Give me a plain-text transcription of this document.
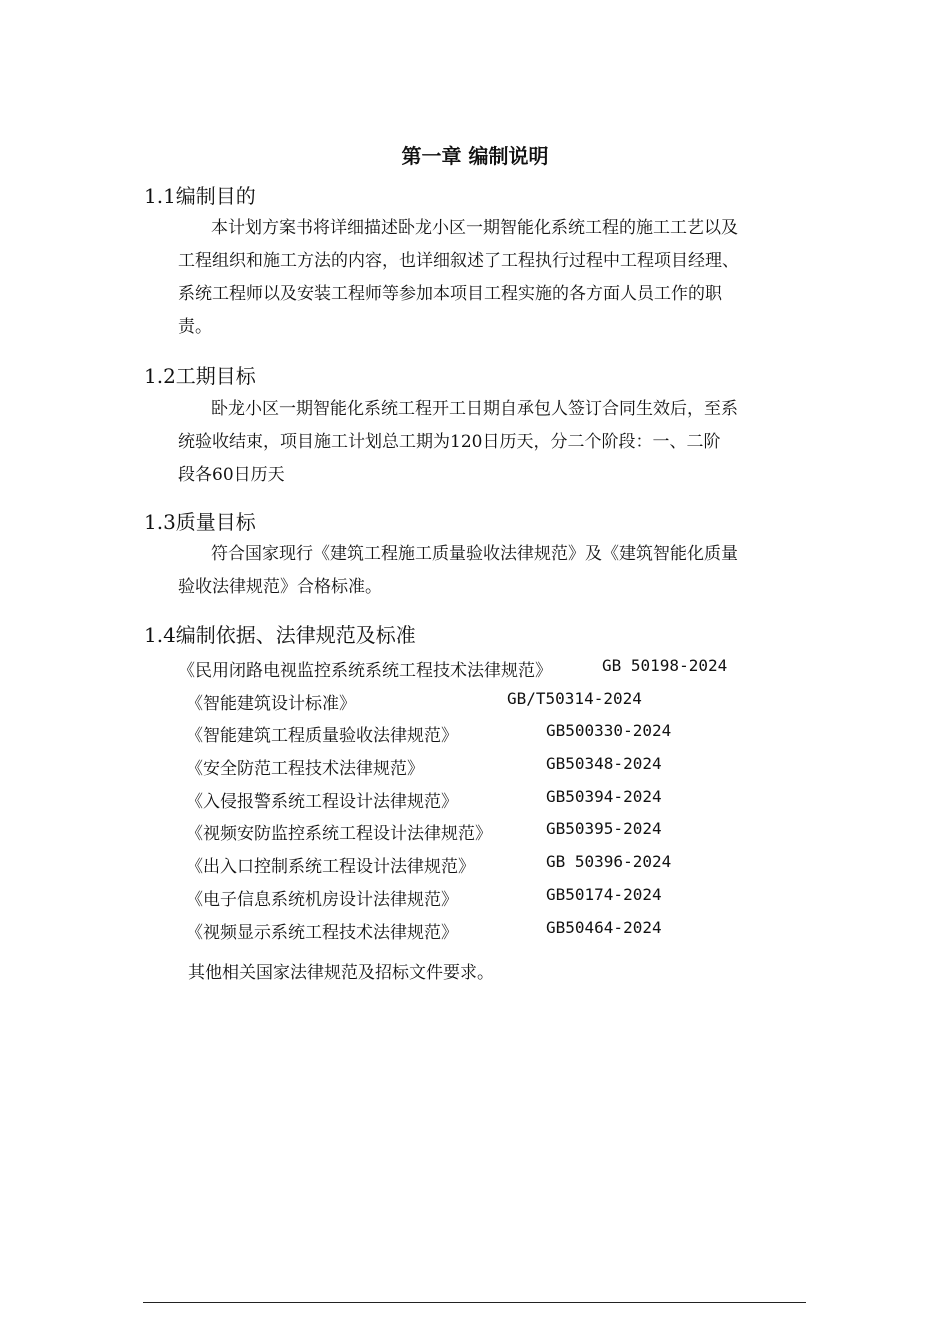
第一章 编制说明
1.1编制目的
本计划方案书将详细描述卧龙小区一期智能化系统工程的施工工艺以及
工程组织和施工方法的内容，也详细叙述了工程执行过程中工程项目经理、
系统工程师以及安装工程师等参加本项目工程实施的各方面人员工作的职
责。
1.2工期目标
卧龙小区一期智能化系统工程开工日期自承包人签订合同生效后，至系
统验收结束，项目施工计划总工期为120日历天，分二个阶段：一、二阶
段各60日历天
1.3质量目标
符合国家现行《建筑工程施工质量验收法律规范》及《建筑智能化质量
验收法律规范》合格标准。
1.4编制依据、法律规范及标准
《民用闭路电视监控系统系统工程技术法律规范》	GB 50198-2024
《智能建筑设计标准》	GB/T50314-2024
《智能建筑工程质量验收法律规范》	GB500330-2024
《安全防范工程技术法律规范》	GB50348-2024
《入侵报警系统工程设计法律规范》	GB50394-2024
《视频安防监控系统工程设计法律规范》	GB50395-2024
《出入口控制系统工程设计法律规范》	GB 50396-2024
《电子信息系统机房设计法律规范》	GB50174-2024
《视频显示系统工程技术法律规范》	GB50464-2024
其他相关国家法律规范及招标文件要求。
